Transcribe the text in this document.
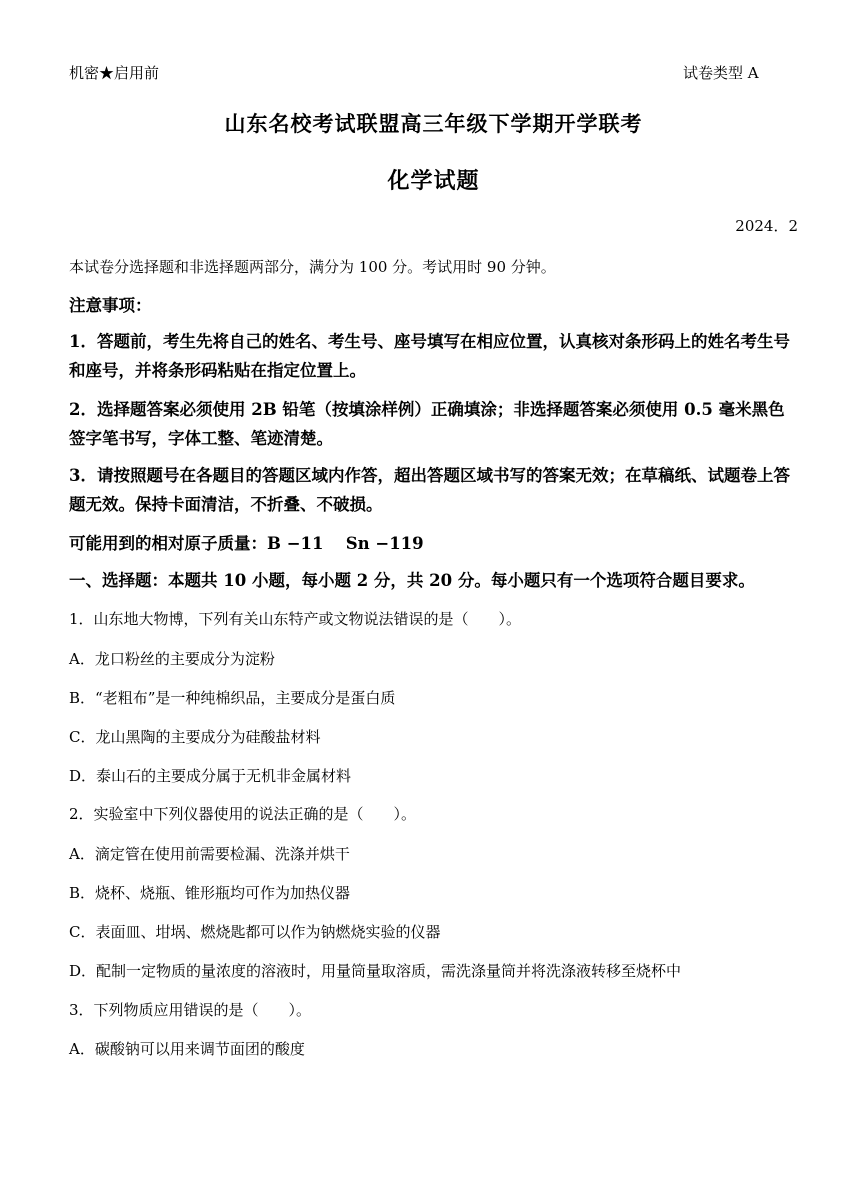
机密★启用前	试卷类型 A
山东名校考试联盟高三年级下学期开学联考
化学试题
2024．2
本试卷分选择题和非选择题两部分，满分为 100 分。考试用时 90 分钟。
注意事项：
1．答题前，考生先将自己的姓名、考生号、座号填写在相应位置，认真核对条形码上的姓名考生号和座号，并将条形码粘贴在指定位置上。
2．选择题答案必须使用 2B 铅笔（按填涂样例）正确填涂；非选择题答案必须使用 0.5 毫米黑色签字笔书写，字体工整、笔迹清楚。
3．请按照题号在各题目的答题区域内作答，超出答题区域书写的答案无效；在草稿纸、试题卷上答题无效。保持卡面清洁，不折叠、不破损。
可能用到的相对原子质量：B −11　 Sn −119
一、选择题：本题共 10 小题，每小题 2 分，共 20 分。每小题只有一个选项符合题目要求。
1．山东地大物博，下列有关山东特产或文物说法错误的是（　　）。
A．龙口粉丝的主要成分为淀粉
B．“老粗布”是一种纯棉织品，主要成分是蛋白质
C．龙山黑陶的主要成分为硅酸盐材料
D．泰山石的主要成分属于无机非金属材料
2．实验室中下列仪器使用的说法正确的是（　　）。
A．滴定管在使用前需要检漏、洗涤并烘干
B．烧杯、烧瓶、锥形瓶均可作为加热仪器
C．表面皿、坩埚、燃烧匙都可以作为钠燃烧实验的仪器
D．配制一定物质的量浓度的溶液时，用量筒量取溶质，需洗涤量筒并将洗涤液转移至烧杯中
3．下列物质应用错误的是（　　）。
A．碳酸钠可以用来调节面团的酸度
